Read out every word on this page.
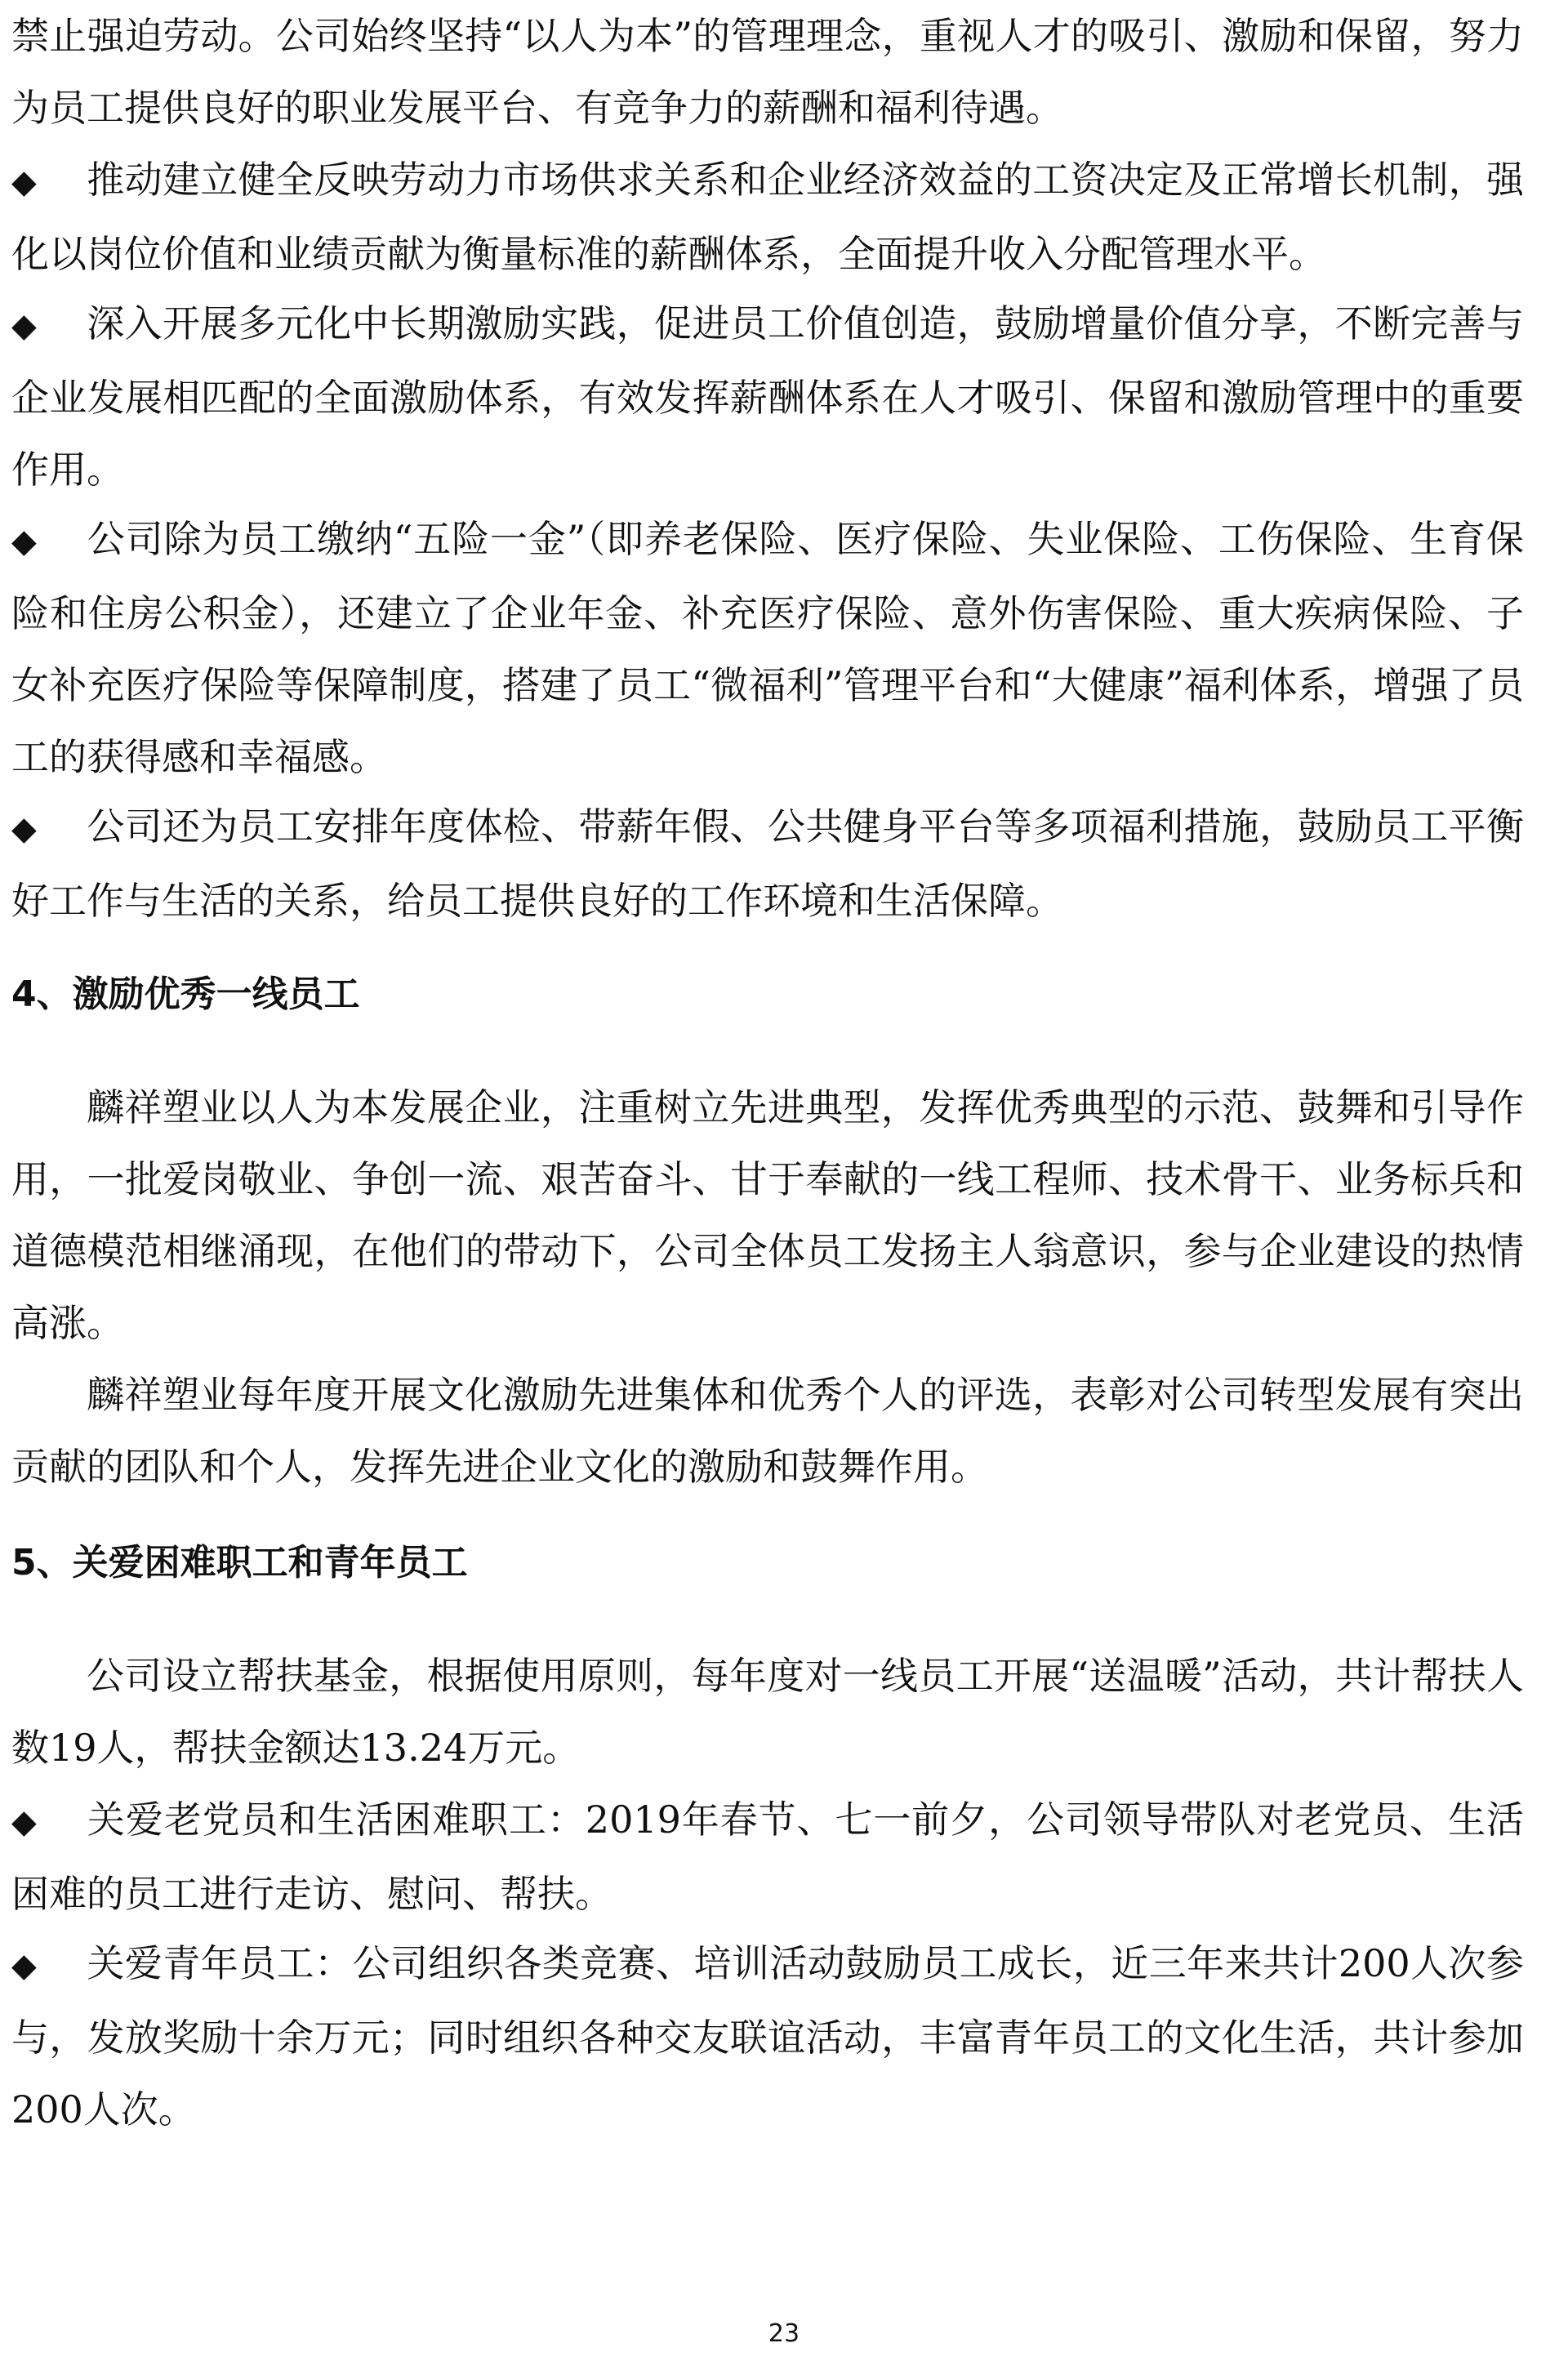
禁止强迫劳动。公司始终坚持“以人为本”的管理理念，重视人才的吸引、激励和保留，努力为员工提供良好的职业发展平台、有竞争力的薪酬和福利待遇。

◆ 推动建立健全反映劳动力市场供求关系和企业经济效益的工资决定及正常增长机制，强化以岗位价值和业绩贡献为衡量标准的薪酬体系，全面提升收入分配管理水平。

◆ 深入开展多元化中长期激励实践，促进员工价值创造，鼓励增量价值分享，不断完善与企业发展相匹配的全面激励体系，有效发挥薪酬体系在人才吸引、保留和激励管理中的重要作用。

◆ 公司除为员工缴纳“五险一金”（即养老保险、医疗保险、失业保险、工伤保险、生育保险和住房公积金），还建立了企业年金、补充医疗保险、意外伤害保险、重大疾病保险、子女补充医疗保险等保障制度，搭建了员工“微福利”管理平台和“大健康”福利体系，增强了员工的获得感和幸福感。

◆ 公司还为员工安排年度体检、带薪年假、公共健身平台等多项福利措施，鼓励员工平衡好工作与生活的关系，给员工提供良好的工作环境和生活保障。

4、激励优秀一线员工

麟祥塑业以人为本发展企业，注重树立先进典型，发挥优秀典型的示范、鼓舞和引导作用，一批爱岗敬业、争创一流、艰苦奋斗、甘于奉献的一线工程师、技术骨干、业务标兵和道德模范相继涌现，在他们的带动下，公司全体员工发扬主人翁意识，参与企业建设的热情高涨。

麟祥塑业每年度开展文化激励先进集体和优秀个人的评选，表彰对公司转型发展有突出贡献的团队和个人，发挥先进企业文化的激励和鼓舞作用。

5、关爱困难职工和青年员工

公司设立帮扶基金，根据使用原则，每年度对一线员工开展“送温暖”活动，共计帮扶人数19人，帮扶金额达13.24万元。

◆ 关爱老党员和生活困难职工：2019年春节、七一前夕，公司领导带队对老党员、生活困难的员工进行走访、慰问、帮扶。

◆ 关爱青年员工：公司组织各类竞赛、培训活动鼓励员工成长，近三年来共计200人次参与，发放奖励十余万元；同时组织各种交友联谊活动，丰富青年员工的文化生活，共计参加200人次。

23
